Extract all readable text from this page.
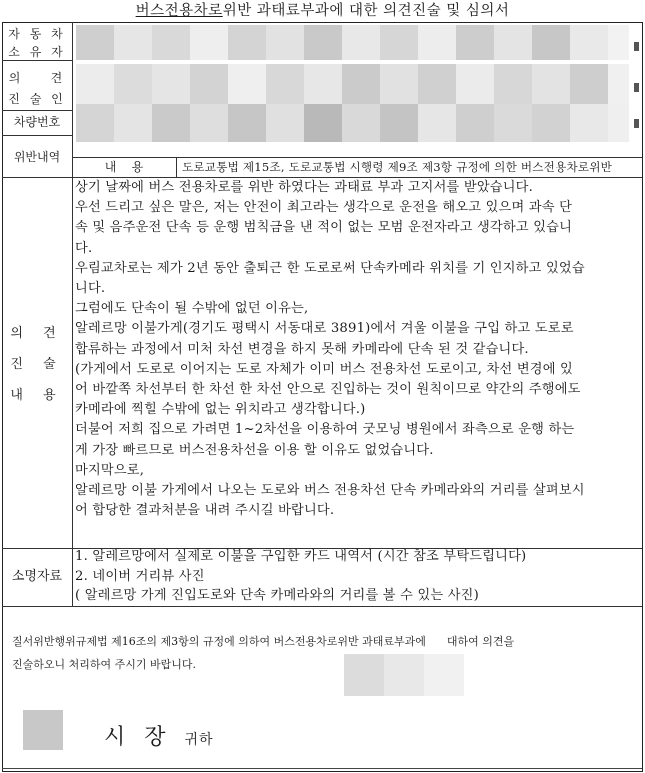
버스전용차로위반 과태료부과에 대한 의견진술 및 심의서
자 동 차
소 유 자
의    견
진 술 인
차량번호
위반내역
내    용	도로교통법 제15조, 도로교통법 시행령 제9조 제3항 규정에 의한 버스전용차로위반
의 견
진 술
내 용
상기 날짜에 버스 전용차로를 위반 하였다는 과태료 부과 고지서를 받았습니다.
우선 드리고 싶은 말은, 저는 안전이 최고라는 생각으로 운전을 해오고 있으며 과속 단
속 및 음주운전 단속 등 운행 범칙금을 낸 적이 없는 모범 운전자라고 생각하고 있습니
다.
우림교차로는 제가 2년 동안 출퇴근 한 도로로써 단속카메라 위치를 기 인지하고 있었습
니다.
그럼에도 단속이 될 수밖에 없던 이유는,
알레르망 이불가게(경기도 평택시 서동대로 3891)에서 겨울 이불을 구입 하고 도로로
합류하는 과정에서 미처 차선 변경을 하지 못해 카메라에 단속 된 것 같습니다.
(가게에서 도로로 이어지는 도로 자체가 이미 버스 전용차선 도로이고, 차선 변경에 있
어 바깥쪽 차선부터 한 차선 한 차선 안으로 진입하는 것이 원칙이므로 약간의 주행에도
카메라에 찍힐 수밖에 없는 위치라고 생각합니다.)
더불어 저희 집으로 가려면 1~2차선을 이용하여 굿모닝 병원에서 좌측으로 운행 하는
게 가장 빠르므로 버스전용차선을 이용 할 이유도 없었습니다.
마지막으로,
알레르망 이불 가게에서 나오는 도로와 버스 전용차선 단속 카메라와의 거리를 살펴보시
어 합당한 결과처분을 내려 주시길 바랍니다.
소명자료
1. 알레르망에서 실제로 이불을 구입한 카드 내역서 (시간 참조 부탁드립니다)
2. 네이버 거리뷰 사진
( 알레르망 가게 진입도로와 단속 카메라와의 거리를 볼 수 있는 사진)
질서위반행위규제법 제16조의 제3항의 규정에 의하여 버스전용차로위반 과태료부과에      대하여 의견을
진술하오니 처리하여 주시기 바랍니다.
시 장 귀하
